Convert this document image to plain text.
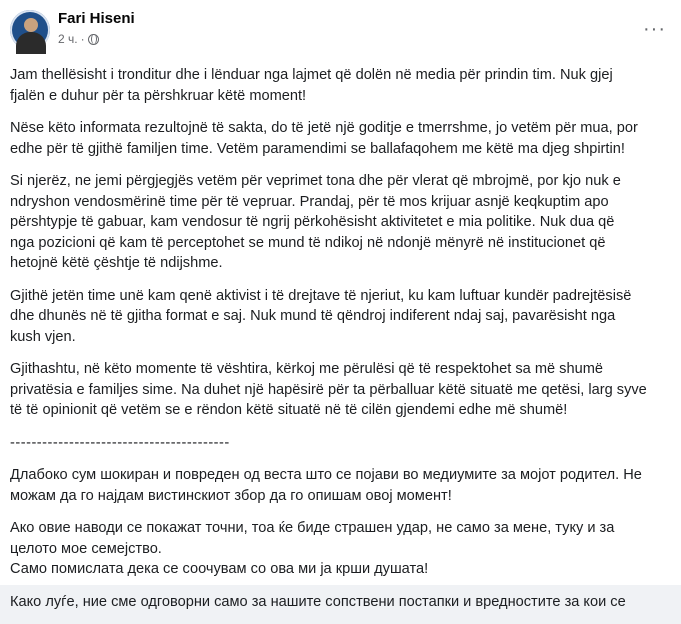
Fari Hiseni
2 ч. ·	···

Jam thellësisht i tronditur dhe i lënduar nga lajmet që dolën në media për prindin tim. Nuk gjej
fjalën e duhur për ta përshkruar këtë moment!

Nëse këto informata rezultojnë të sakta, do të jetë një goditje e tmerrshme, jo vetëm për mua, por
edhe për të gjithë familjen time. Vetëm paramendimi se ballafaqohem me këtë ma djeg shpirtin!

Si njerëz, ne jemi përgjegjës vetëm për veprimet tona dhe për vlerat që mbrojmë, por kjo nuk e
ndryshon vendosmërinë time për të vepruar. Prandaj, për të mos krijuar asnjë keqkuptim apo
përshtypje të gabuar, kam vendosur të ngrij përkohësisht aktivitetet e mia politike. Nuk dua që
nga pozicioni që kam të perceptohet se mund të ndikoj në ndonjë mënyrë në institucionet që
hetojnë këtë çështje të ndijshme.

Gjithë jetën time unë kam qenë aktivist i të drejtave të njeriut, ku kam luftuar kundër padrejtësisë
dhe dhunës në të gjitha format e saj. Nuk mund të qëndroj indiferent ndaj saj, pavarësisht nga
kush vjen.

Gjithashtu, në këto momente të vështira, kërkoj me përulësi që të respektohet sa më shumë
privatësia e familjes sime. Na duhet një hapësirë për ta përballuar këtë situatë me qetësi, larg syve
të të opinionit që vetëm se e rëndon këtë situatë në të cilën gjendemi edhe më shumë!

-----------------------------------------

Длабоко сум шокиран и повреден од веста што се појави во медиумите за мојот родител. Не
можам да го најдам вистинскиот збор да го опишам овој момент!

Ако овие наводи се покажат точни, тоа ќе биде страшен удар, не само за мене, туку и за
целото мое семејство.
Само помислата дека се соочувам со ова ми ја крши душата!

Како луѓе, ние сме одговорни само за нашите сопствени постапки и вредностите за кои се
